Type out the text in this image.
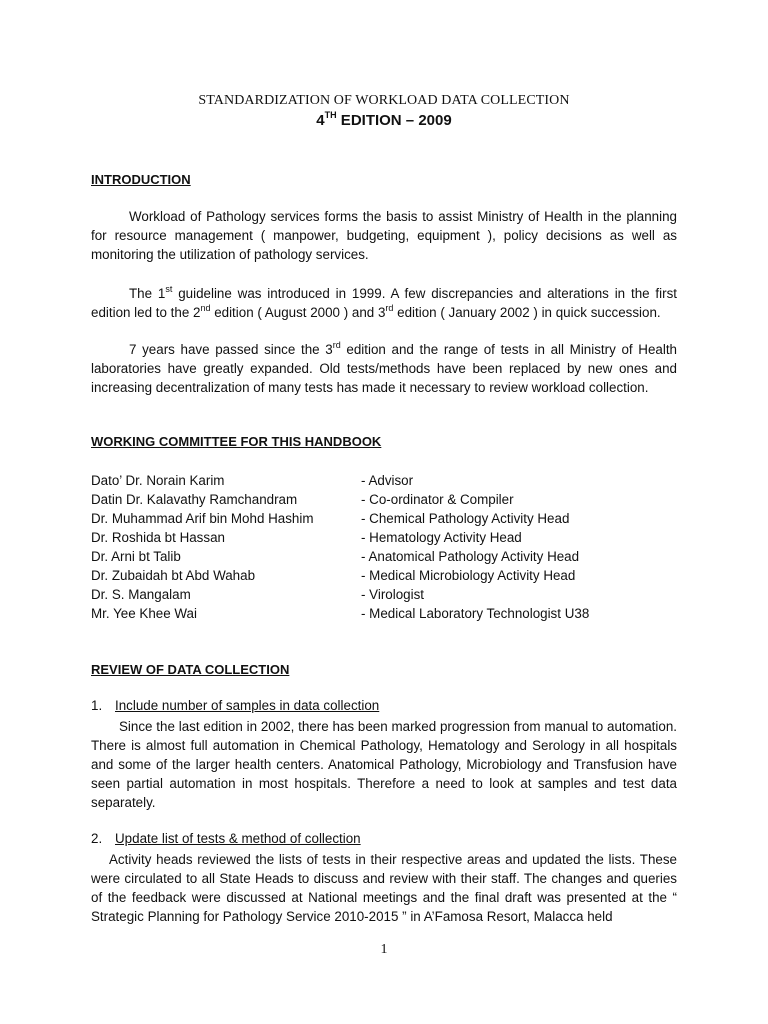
STANDARDIZATION OF WORKLOAD DATA COLLECTION
4TH EDITION – 2009
INTRODUCTION
Workload of Pathology services forms the basis to assist Ministry of Health in the planning for resource management ( manpower, budgeting, equipment ), policy decisions as well as monitoring the utilization of pathology services.
The 1st guideline was introduced in 1999. A few discrepancies and alterations in the first edition led to the 2nd edition ( August 2000 ) and 3rd edition ( January 2002 ) in quick succession.
7 years have passed since the 3rd edition and the range of tests in all Ministry of Health laboratories have greatly expanded. Old tests/methods have been replaced by new ones and increasing decentralization of many tests has made it necessary to review workload collection.
WORKING COMMITTEE FOR THIS HANDBOOK
Dato’ Dr. Norain Karim	- Advisor
Datin Dr. Kalavathy Ramchandram	- Co-ordinator & Compiler
Dr. Muhammad Arif bin Mohd Hashim	- Chemical Pathology Activity Head
Dr. Roshida bt Hassan	- Hematology Activity Head
Dr. Arni bt Talib	- Anatomical Pathology Activity Head
Dr. Zubaidah bt Abd Wahab	- Medical Microbiology Activity Head
Dr. S. Mangalam	- Virologist
Mr. Yee Khee Wai	- Medical Laboratory Technologist U38
REVIEW OF DATA COLLECTION
1. Include number of samples in data collection
Since the last edition in 2002, there has been marked progression from manual to automation. There is almost full automation in Chemical Pathology, Hematology and Serology in all hospitals and some of the larger health centers. Anatomical Pathology, Microbiology and Transfusion have seen partial automation in most hospitals. Therefore a need to look at samples and test data separately.
2. Update list of tests & method of collection
Activity heads reviewed the lists of tests in their respective areas and updated the lists. These were circulated to all State Heads to discuss and review with their staff. The changes and queries of the feedback were discussed at National meetings and the final draft was presented at the “ Strategic Planning for Pathology Service 2010-2015 ” in A’Famosa Resort, Malacca held
1
